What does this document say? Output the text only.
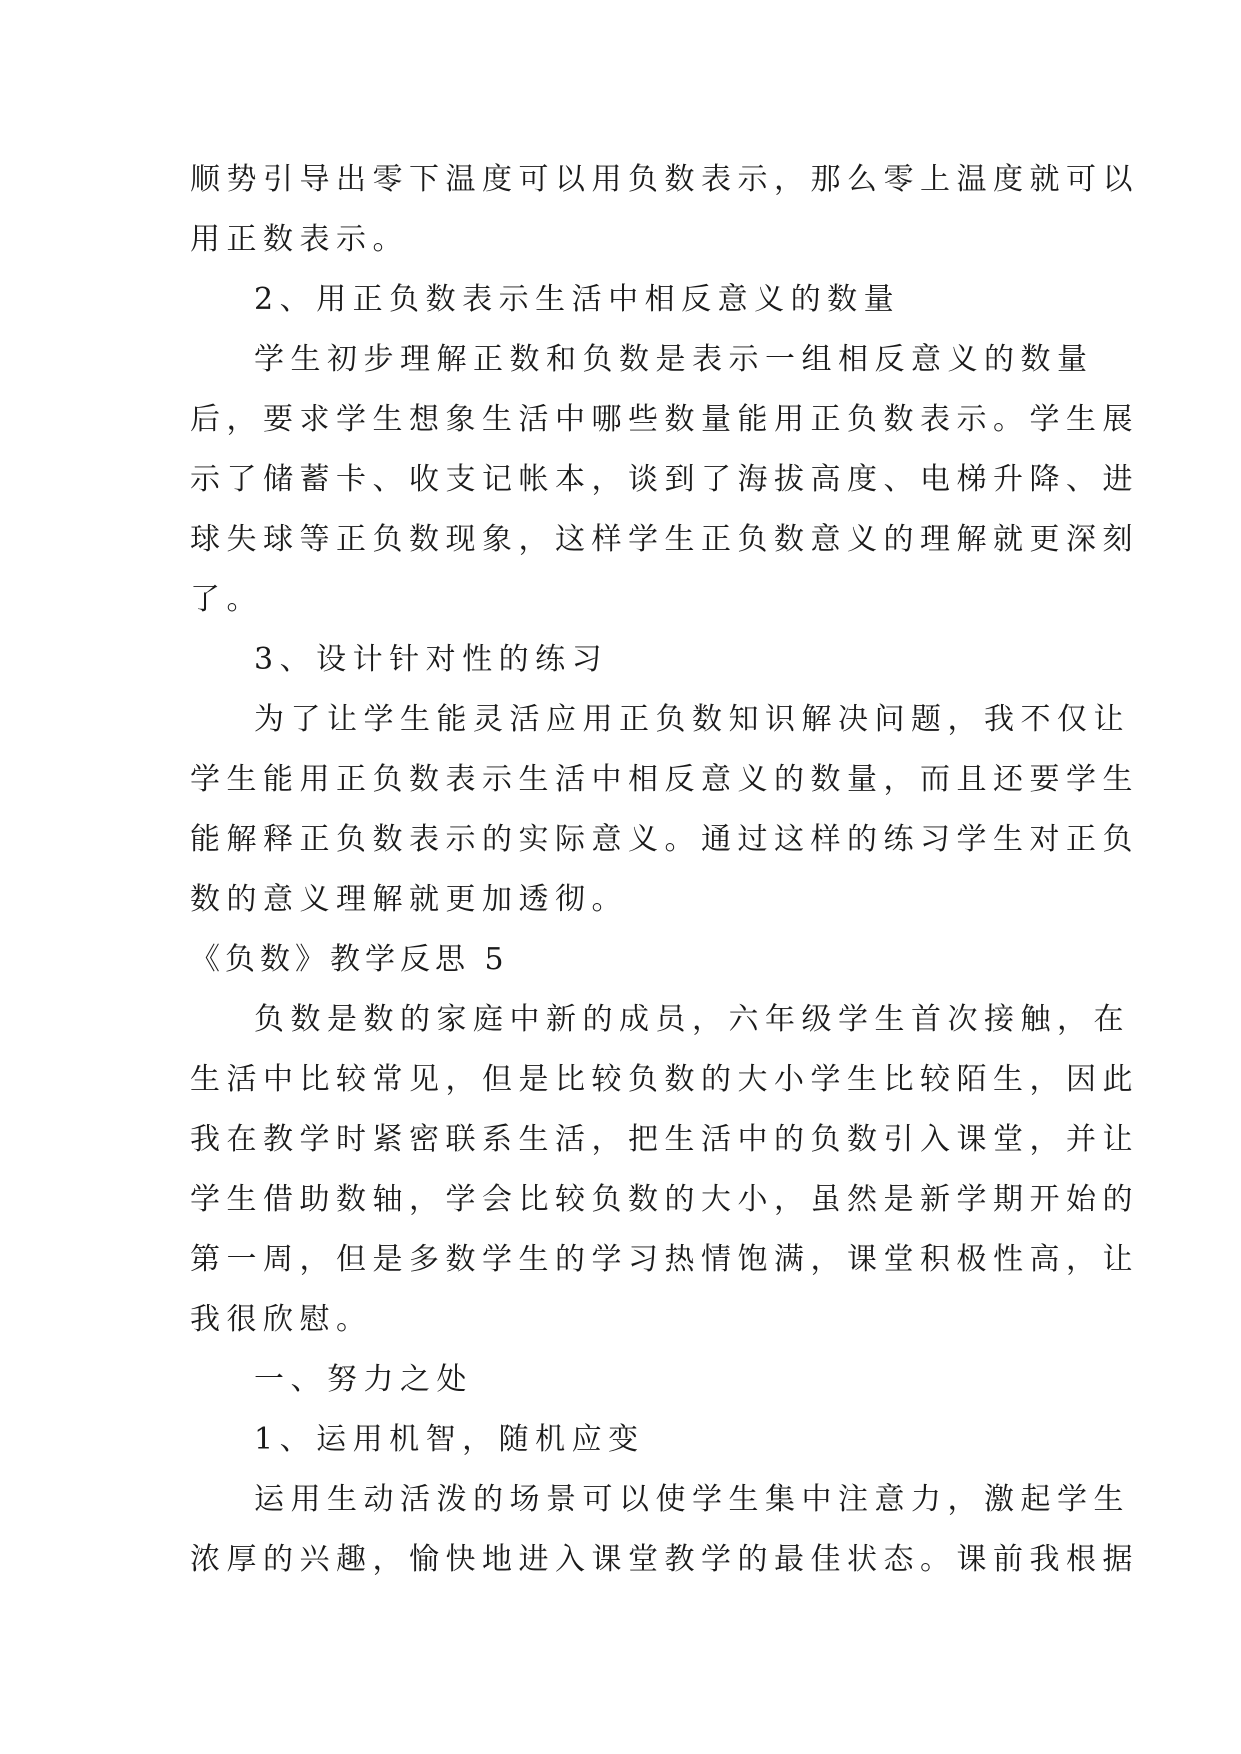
顺势引导出零下温度可以用负数表示，那么零上温度就可以

用正数表示。

2、用正负数表示生活中相反意义的数量

学生初步理解正数和负数是表示一组相反意义的数量

后，要求学生想象生活中哪些数量能用正负数表示。学生展

示了储蓄卡、收支记帐本，谈到了海拔高度、电梯升降、进

球失球等正负数现象，这样学生正负数意义的理解就更深刻

了。

3、设计针对性的练习

为了让学生能灵活应用正负数知识解决问题，我不仅让

学生能用正负数表示生活中相反意义的数量，而且还要学生

能解释正负数表示的实际意义。通过这样的练习学生对正负

数的意义理解就更加透彻。

《负数》教学反思 5

负数是数的家庭中新的成员，六年级学生首次接触，在

生活中比较常见，但是比较负数的大小学生比较陌生，因此

我在教学时紧密联系生活，把生活中的负数引入课堂，并让

学生借助数轴，学会比较负数的大小，虽然是新学期开始的

第一周，但是多数学生的学习热情饱满，课堂积极性高，让

我很欣慰。

一、努力之处

1、运用机智，随机应变

运用生动活泼的场景可以使学生集中注意力，激起学生

浓厚的兴趣，愉快地进入课堂教学的最佳状态。课前我根据
